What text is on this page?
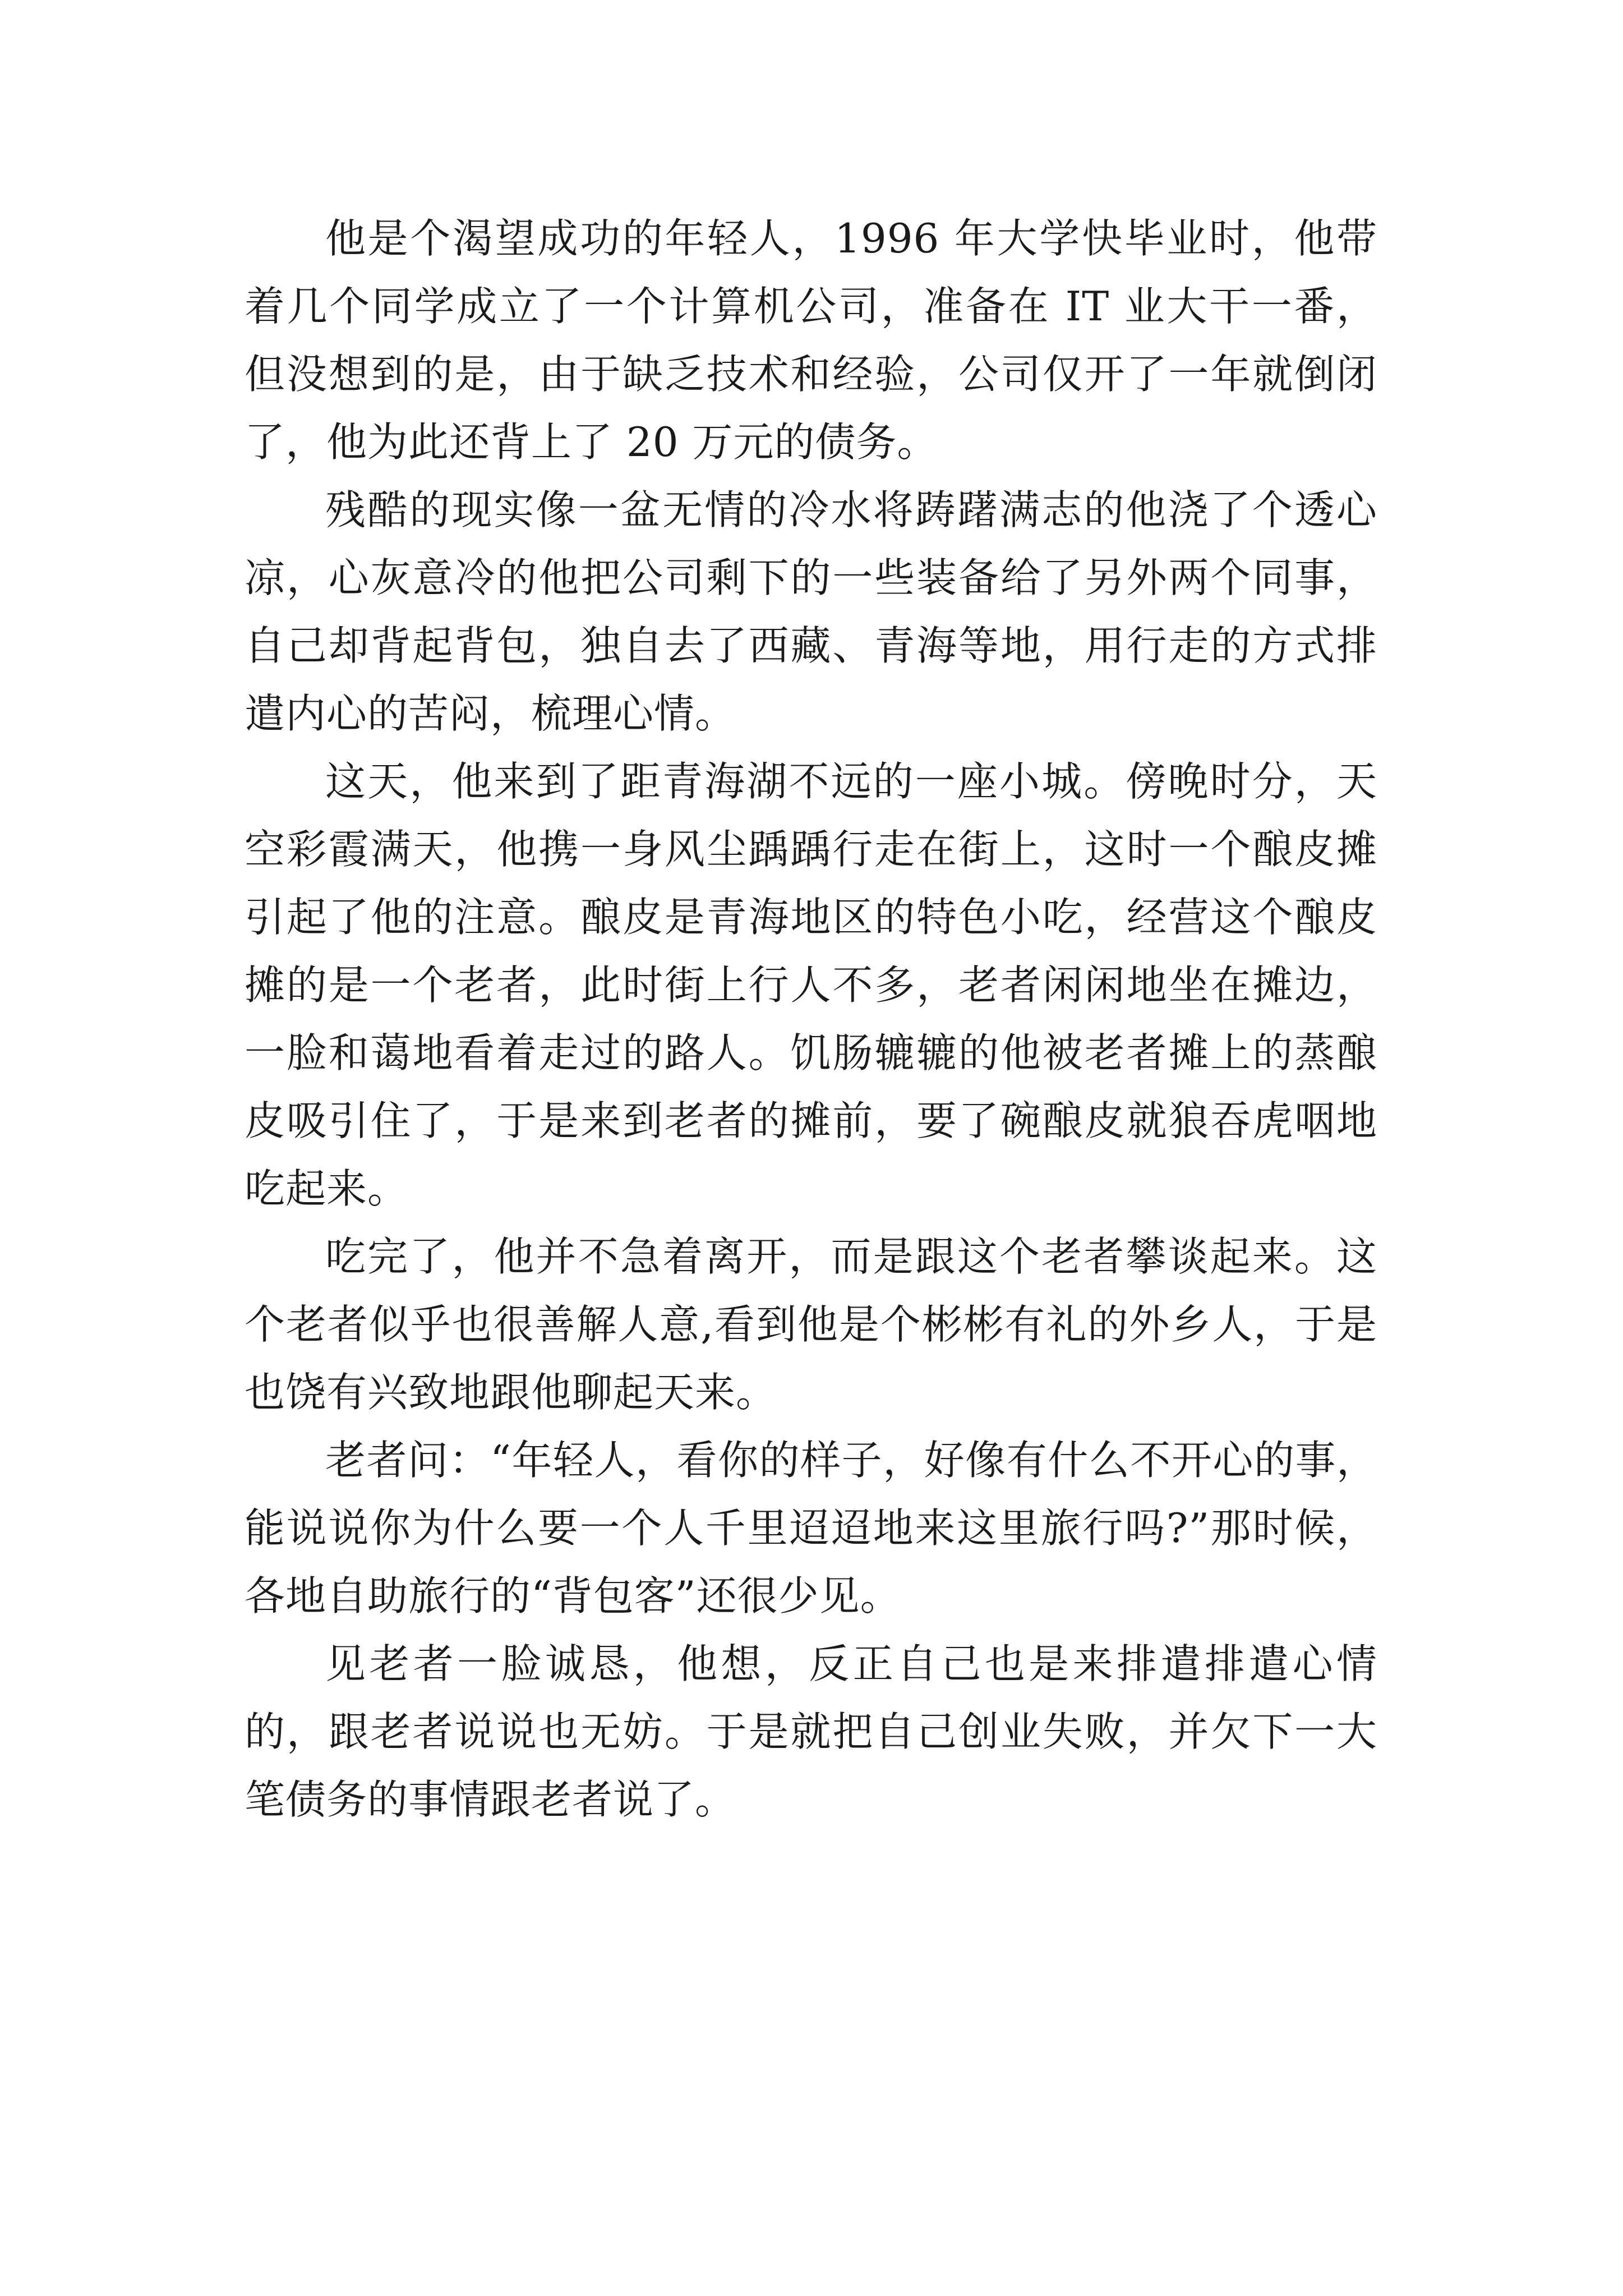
他是个渴望成功的年轻人，1996 年大学快毕业时，他带着几个同学成立了一个计算机公司，准备在 IT 业大干一番，但没想到的是，由于缺乏技术和经验，公司仅开了一年就倒闭了，他为此还背上了 20 万元的债务。

残酷的现实像一盆无情的冷水将踌躇满志的他浇了个透心凉，心灰意冷的他把公司剩下的一些装备给了另外两个同事，自己却背起背包，独自去了西藏、青海等地，用行走的方式排遣内心的苦闷，梳理心情。

这天，他来到了距青海湖不远的一座小城。傍晚时分，天空彩霞满天，他携一身风尘踽踽行走在街上，这时一个酿皮摊引起了他的注意。酿皮是青海地区的特色小吃，经营这个酿皮摊的是一个老者，此时街上行人不多，老者闲闲地坐在摊边，一脸和蔼地看着走过的路人。饥肠辘辘的他被老者摊上的蒸酿皮吸引住了，于是来到老者的摊前，要了碗酿皮就狼吞虎咽地吃起来。

吃完了，他并不急着离开，而是跟这个老者攀谈起来。这个老者似乎也很善解人意,看到他是个彬彬有礼的外乡人，于是也饶有兴致地跟他聊起天来。

老者问：“年轻人，看你的样子，好像有什么不开心的事，能说说你为什么要一个人千里迢迢地来这里旅行吗?”那时候，各地自助旅行的“背包客”还很少见。

见老者一脸诚恳，他想，反正自己也是来排遣排遣心情的，跟老者说说也无妨。于是就把自己创业失败，并欠下一大笔债务的事情跟老者说了。
